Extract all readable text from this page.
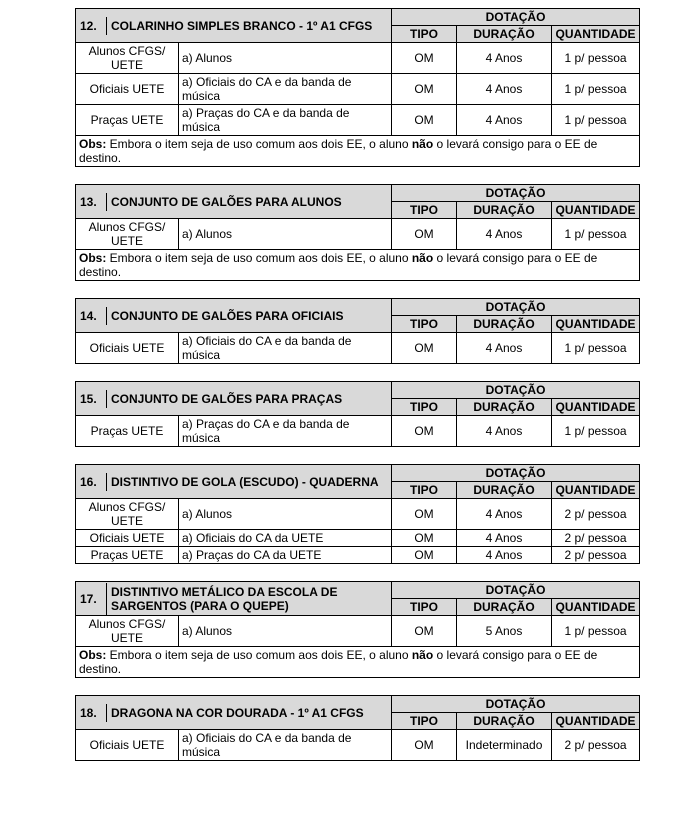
12. COLARINHO SIMPLES BRANCO - 1º A1 CFGS		DOTAÇÃO		
		TIPO	DURAÇÃO	QUANTIDADE
Alunos CFGS/ UETE	a) Alunos	OM	4 Anos	1 p/ pessoa
Oficiais UETE	a) Oficiais do CA e da banda de música	OM	4 Anos	1 p/ pessoa
Praças UETE	a) Praças do CA e da banda de música	OM	4 Anos	1 p/ pessoa
Obs: Embora o item seja de uso comum aos dois EE, o aluno não o levará consigo para o EE de destino.				
13. CONJUNTO DE GALÕES PARA ALUNOS		DOTAÇÃO		
		TIPO	DURAÇÃO	QUANTIDADE
Alunos CFGS/ UETE	a) Alunos	OM	4 Anos	1 p/ pessoa
Obs: Embora o item seja de uso comum aos dois EE, o aluno não o levará consigo para o EE de destino.				
14. CONJUNTO DE GALÕES PARA OFICIAIS		DOTAÇÃO		
		TIPO	DURAÇÃO	QUANTIDADE
Oficiais UETE	a) Oficiais do CA e da banda de música	OM	4 Anos	1 p/ pessoa
15. CONJUNTO DE GALÕES PARA PRAÇAS		DOTAÇÃO		
		TIPO	DURAÇÃO	QUANTIDADE
Praças UETE	a) Praças do CA e da banda de música	OM	4 Anos	1 p/ pessoa
16. DISTINTIVO DE GOLA (ESCUDO) - QUADERNA		DOTAÇÃO		
		TIPO	DURAÇÃO	QUANTIDADE
Alunos CFGS/ UETE	a) Alunos	OM	4 Anos	2 p/ pessoa
Oficiais UETE	a) Oficiais do CA da UETE	OM	4 Anos	2 p/ pessoa
Praças UETE	a) Praças do CA da UETE	OM	4 Anos	2 p/ pessoa
17. DISTINTIVO METÁLICO DA ESCOLA DE SARGENTOS (PARA O QUEPE)		DOTAÇÃO		
		TIPO	DURAÇÃO	QUANTIDADE
Alunos CFGS/ UETE	a) Alunos	OM	5 Anos	1 p/ pessoa
Obs: Embora o item seja de uso comum aos dois EE, o aluno não o levará consigo para o EE de destino.				
18. DRAGONA NA COR DOURADA - 1º A1 CFGS		DOTAÇÃO		
		TIPO	DURAÇÃO	QUANTIDADE
Oficiais UETE	a) Oficiais do CA e da banda de música	OM	Indeterminado	2 p/ pessoa
